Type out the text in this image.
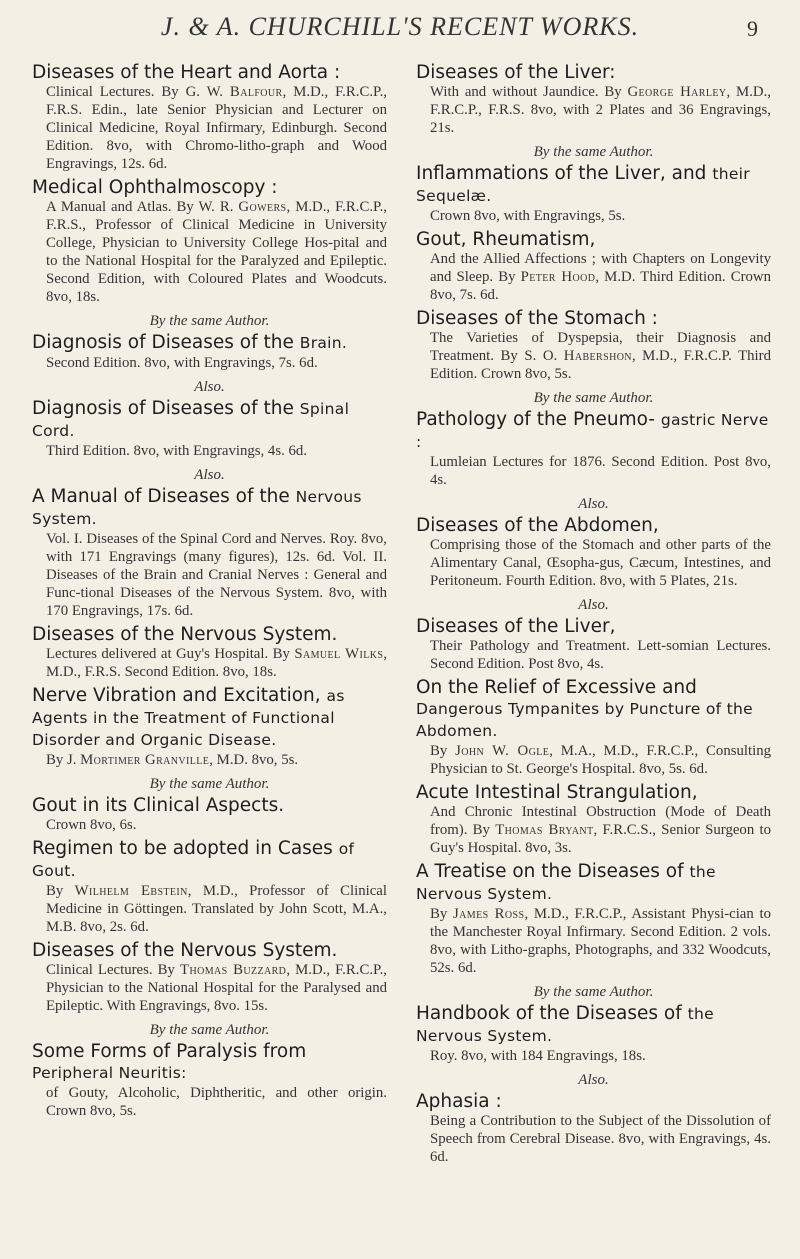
J. & A. CHURCHILL'S RECENT WORKS.	9
Diseases of the Heart and Aorta :
Clinical Lectures. By G. W. Balfour, M.D., F.R.C.P., F.R.S. Edin., late Senior Physician and Lecturer on Clinical Medicine, Royal Infirmary, Edinburgh. Second Edition. 8vo, with Chromo-litho-graph and Wood Engravings, 12s. 6d.
Medical Ophthalmoscopy :
A Manual and Atlas. By W. R. Gowers, M.D., F.R.C.P., F.R.S., Professor of Clinical Medicine in University College, Physician to University College Hos-pital and to the National Hospital for the Paralyzed and Epileptic. Second Edition, with Coloured Plates and Woodcuts. 8vo, 18s.
By the same Author.
Diagnosis of Diseases of the Brain.
Second Edition. 8vo, with Engravings, 7s. 6d.
Also.
Diagnosis of Diseases of the Spinal Cord.
Third Edition. 8vo, with Engravings, 4s. 6d.
Also.
A Manual of Diseases of the Nervous System.
Vol. I. Diseases of the Spinal Cord and Nerves. Roy. 8vo, with 171 Engravings (many figures), 12s. 6d. Vol. II. Diseases of the Brain and Cranial Nerves : General and Func-tional Diseases of the Nervous System. 8vo, with 170 Engravings, 17s. 6d.
Diseases of the Nervous System.
Lectures delivered at Guy's Hospital. By Samuel Wilks, M.D., F.R.S. Second Edition. 8vo, 18s.
Nerve Vibration and Excitation, as Agents in the Treatment of Functional Disorder and Organic Disease.
By J. Mortimer Granville, M.D. 8vo, 5s.
By the same Author.
Gout in its Clinical Aspects.
Crown 8vo, 6s.
Regimen to be adopted in Cases of Gout.
By Wilhelm Ebstein, M.D., Professor of Clinical Medicine in Göttingen. Translated by John Scott, M.A., M.B. 8vo, 2s. 6d.
Diseases of the Nervous System.
Clinical Lectures. By Thomas Buzzard, M.D., F.R.C.P., Physician to the National Hospital for the Paralysed and Epileptic. With Engravings, 8vo. 15s.
By the same Author.
Some Forms of Paralysis from Peripheral Neuritis:
of Gouty, Alcoholic, Diphtheritic, and other origin. Crown 8vo, 5s.
Diseases of the Liver:
With and without Jaundice. By George Harley, M.D., F.R.C.P., F.R.S. 8vo, with 2 Plates and 36 Engravings, 21s.
By the same Author.
Inflammations of the Liver, and their Sequelæ.
Crown 8vo, with Engravings, 5s.
Gout, Rheumatism,
And the Allied Affections ; with Chapters on Longevity and Sleep. By Peter Hood, M.D. Third Edition. Crown 8vo, 7s. 6d.
Diseases of the Stomach :
The Varieties of Dyspepsia, their Diagnosis and Treatment. By S. O. Habershon, M.D., F.R.C.P. Third Edition. Crown 8vo, 5s.
By the same Author.
Pathology of the Pneumo- gastric Nerve :
Lumleian Lectures for 1876. Second Edition. Post 8vo, 4s.
Also.
Diseases of the Abdomen,
Comprising those of the Stomach and other parts of the Alimentary Canal, Œsopha-gus, Cæcum, Intestines, and Peritoneum. Fourth Edition. 8vo, with 5 Plates, 21s.
Also.
Diseases of the Liver,
Their Pathology and Treatment. Lett-somian Lectures. Second Edition. Post 8vo, 4s.
On the Relief of Excessive and Dangerous Tympanites by Puncture of the Abdomen.
By John W. Ogle, M.A., M.D., F.R.C.P., Consulting Physician to St. George's Hospital. 8vo, 5s. 6d.
Acute Intestinal Strangulation,
And Chronic Intestinal Obstruction (Mode of Death from). By Thomas Bryant, F.R.C.S., Senior Surgeon to Guy's Hospital. 8vo, 3s.
A Treatise on the Diseases of the Nervous System.
By James Ross, M.D., F.R.C.P., Assistant Physi-cian to the Manchester Royal Infirmary. Second Edition. 2 vols. 8vo, with Litho-graphs, Photographs, and 332 Woodcuts, 52s. 6d.
By the same Author.
Handbook of the Diseases of the Nervous System.
Roy. 8vo, with 184 Engravings, 18s.
Also.
Aphasia :
Being a Contribution to the Subject of the Dissolution of Speech from Cerebral Disease. 8vo, with Engravings, 4s. 6d.
